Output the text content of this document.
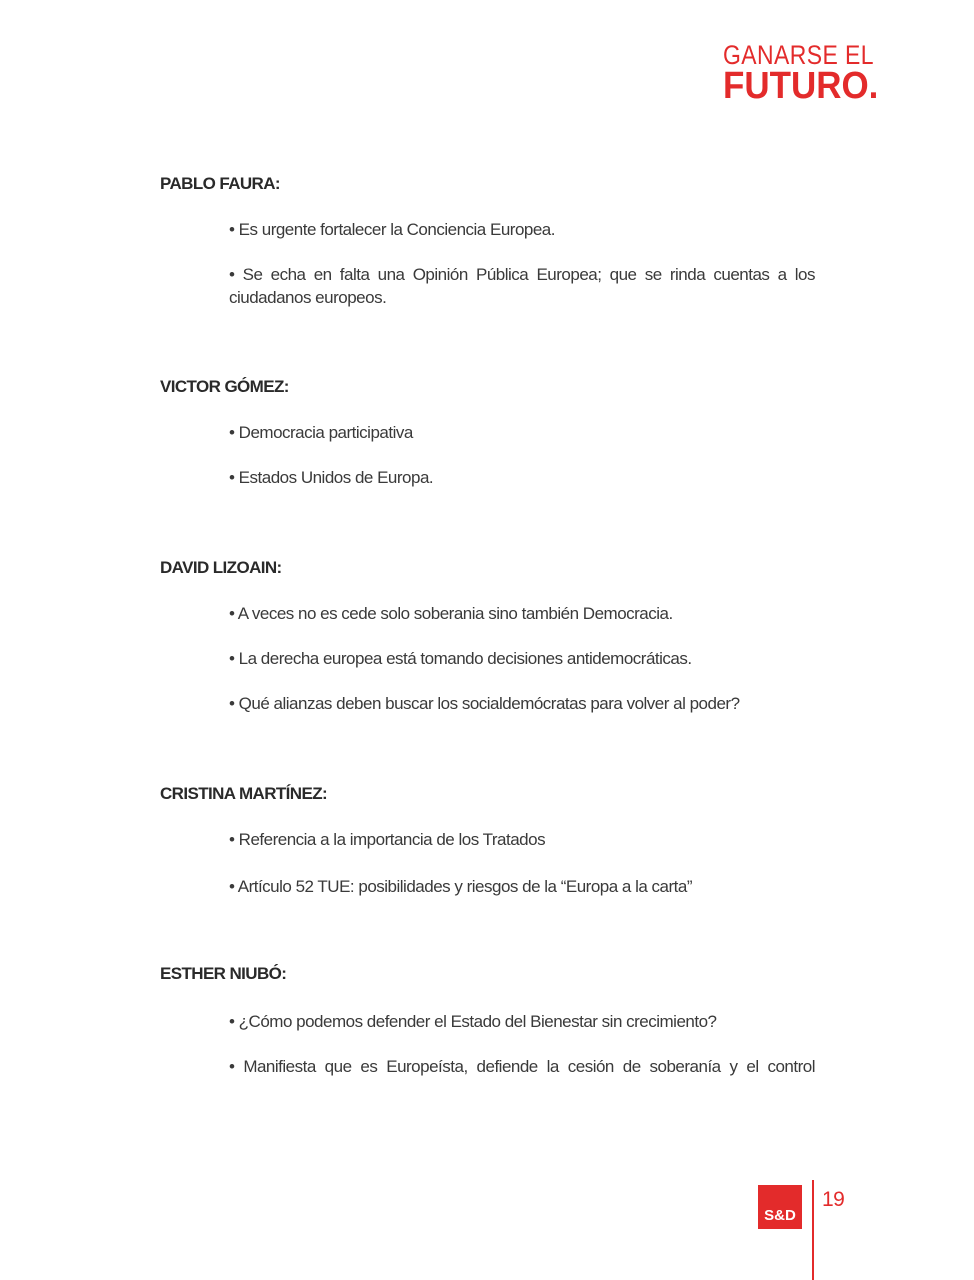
GANARSE EL
FUTURO.

PABLO FAURA:

• Es urgente fortalecer la Conciencia Europea.

• Se echa en falta una Opinión Pública Europea; que se rinda cuentas a los ciudadanos europeos.

VICTOR GÓMEZ:

• Democracia participativa

• Estados Unidos de Europa.

DAVID LIZOAIN:

• A veces no es cede solo soberania sino también Democracia.

• La derecha europea está tomando decisiones antidemocráticas.

• Qué alianzas deben buscar los socialdemócratas para volver al poder?

CRISTINA MARTÍNEZ:

• Referencia a la importancia de los Tratados

• Artículo 52 TUE: posibilidades y riesgos de la “Europa a la carta”

ESTHER NIUBÓ:

• ¿Cómo podemos defender el Estado del Bienestar sin crecimiento?

• Manifiesta que es Europeísta, defiende la cesión de soberanía y el control

S&D
19
